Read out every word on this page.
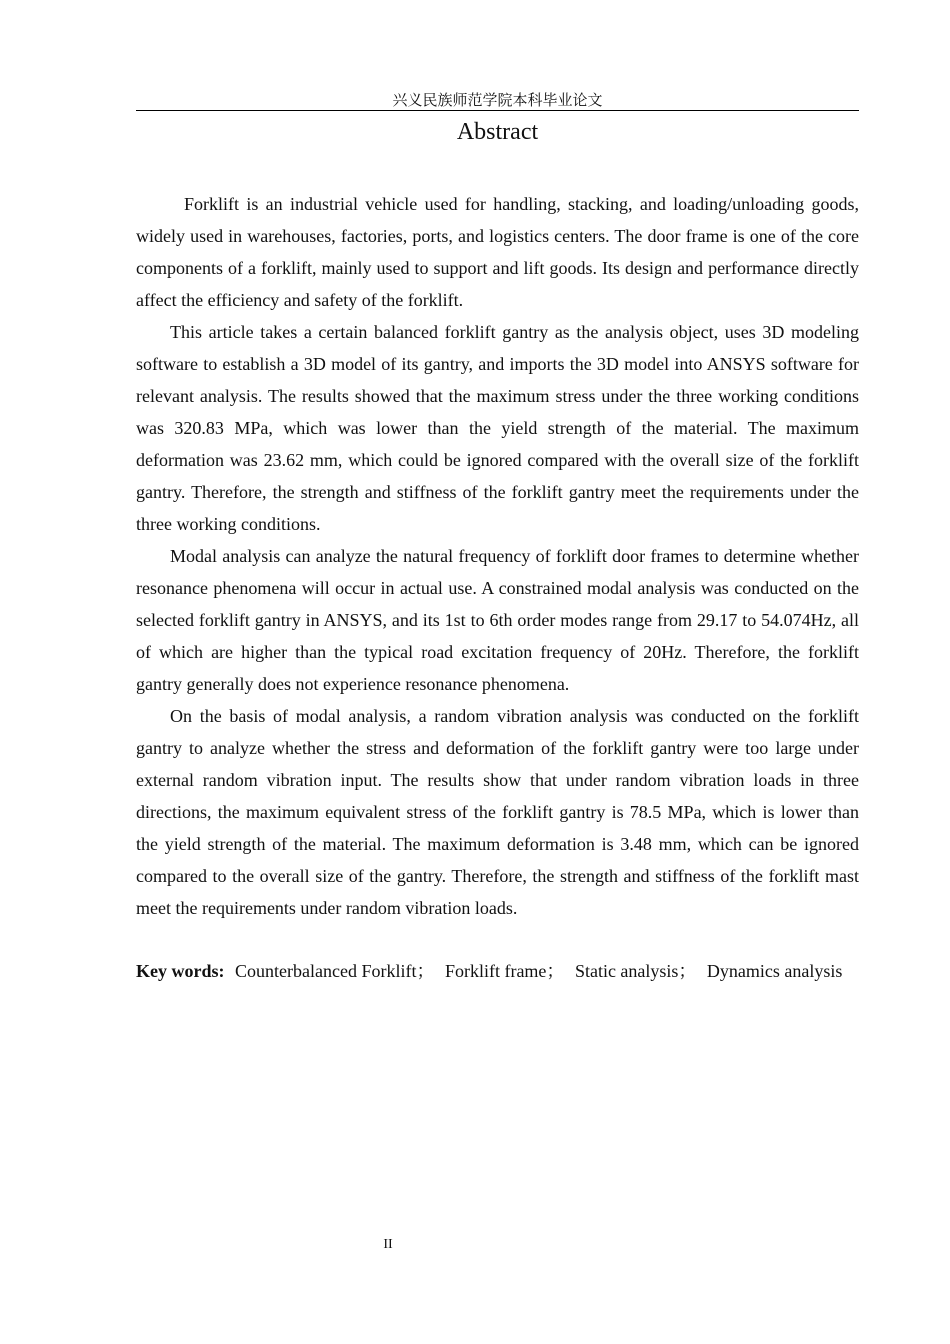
兴义民族师范学院本科毕业论文
Abstract

Forklift is an industrial vehicle used for handling, stacking, and loading/unloading goods, widely used in warehouses, factories, ports, and logistics centers. The door frame is one of the core components of a forklift, mainly used to support and lift goods. Its design and performance directly affect the efficiency and safety of the forklift.

This article takes a certain balanced forklift gantry as the analysis object, uses 3D modeling software to establish a 3D model of its gantry, and imports the 3D model into ANSYS software for relevant analysis. The results showed that the maximum stress under the three working conditions was 320.83 MPa, which was lower than the yield strength of the material. The maximum deformation was 23.62 mm, which could be ignored compared with the overall size of the forklift gantry. Therefore, the strength and stiffness of the forklift gantry meet the requirements under the three working conditions.

Modal analysis can analyze the natural frequency of forklift door frames to determine whether resonance phenomena will occur in actual use. A constrained modal analysis was conducted on the selected forklift gantry in ANSYS, and its 1st to 6th order modes range from 29.17 to 54.074Hz, all of which are higher than the typical road excitation frequency of 20Hz. Therefore, the forklift gantry generally does not experience resonance phenomena.

On the basis of modal analysis, a random vibration analysis was conducted on the forklift gantry to analyze whether the stress and deformation of the forklift gantry were too large under external random vibration input. The results show that under random vibration loads in three directions, the maximum equivalent stress of the forklift gantry is 78.5 MPa, which is lower than the yield strength of the material. The maximum deformation is 3.48 mm, which can be ignored compared to the overall size of the gantry. Therefore, the strength and stiffness of the forklift mast meet the requirements under random vibration loads.

Key words: Counterbalanced Forklift； Forklift frame； Static analysis； Dynamics analysis
II
